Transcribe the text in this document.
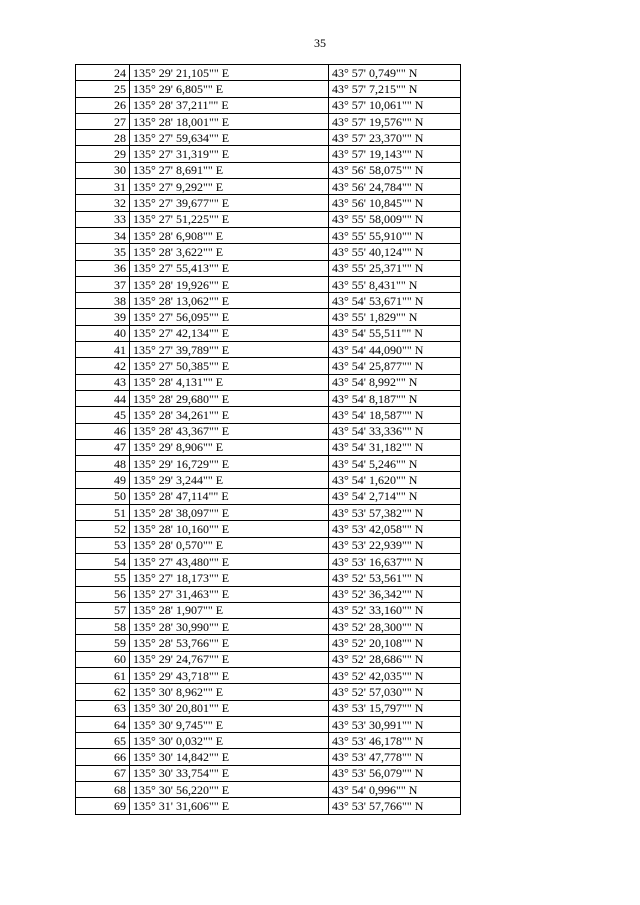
35
24	135° 29' 21,105"" E	43° 57' 0,749"" N
25	135° 29' 6,805"" E	43° 57' 7,215"" N
26	135° 28' 37,211"" E	43° 57' 10,061"" N
27	135° 28' 18,001"" E	43° 57' 19,576"" N
28	135° 27' 59,634"" E	43° 57' 23,370"" N
29	135° 27' 31,319"" E	43° 57' 19,143"" N
30	135° 27' 8,691"" E	43° 56' 58,075"" N
31	135° 27' 9,292"" E	43° 56' 24,784"" N
32	135° 27' 39,677"" E	43° 56' 10,845"" N
33	135° 27' 51,225"" E	43° 55' 58,009"" N
34	135° 28' 6,908"" E	43° 55' 55,910"" N
35	135° 28' 3,622"" E	43° 55' 40,124"" N
36	135° 27' 55,413"" E	43° 55' 25,371"" N
37	135° 28' 19,926"" E	43° 55' 8,431"" N
38	135° 28' 13,062"" E	43° 54' 53,671"" N
39	135° 27' 56,095"" E	43° 55' 1,829"" N
40	135° 27' 42,134"" E	43° 54' 55,511"" N
41	135° 27' 39,789"" E	43° 54' 44,090"" N
42	135° 27' 50,385"" E	43° 54' 25,877"" N
43	135° 28' 4,131"" E	43° 54' 8,992"" N
44	135° 28' 29,680"" E	43° 54' 8,187"" N
45	135° 28' 34,261"" E	43° 54' 18,587"" N
46	135° 28' 43,367"" E	43° 54' 33,336"" N
47	135° 29' 8,906"" E	43° 54' 31,182"" N
48	135° 29' 16,729"" E	43° 54' 5,246"" N
49	135° 29' 3,244"" E	43° 54' 1,620"" N
50	135° 28' 47,114"" E	43° 54' 2,714"" N
51	135° 28' 38,097"" E	43° 53' 57,382"" N
52	135° 28' 10,160"" E	43° 53' 42,058"" N
53	135° 28' 0,570"" E	43° 53' 22,939"" N
54	135° 27' 43,480"" E	43° 53' 16,637"" N
55	135° 27' 18,173"" E	43° 52' 53,561"" N
56	135° 27' 31,463"" E	43° 52' 36,342"" N
57	135° 28' 1,907"" E	43° 52' 33,160"" N
58	135° 28' 30,990"" E	43° 52' 28,300"" N
59	135° 28' 53,766"" E	43° 52' 20,108"" N
60	135° 29' 24,767"" E	43° 52' 28,686"" N
61	135° 29' 43,718"" E	43° 52' 42,035"" N
62	135° 30' 8,962"" E	43° 52' 57,030"" N
63	135° 30' 20,801"" E	43° 53' 15,797"" N
64	135° 30' 9,745"" E	43° 53' 30,991"" N
65	135° 30' 0,032"" E	43° 53' 46,178"" N
66	135° 30' 14,842"" E	43° 53' 47,778"" N
67	135° 30' 33,754"" E	43° 53' 56,079"" N
68	135° 30' 56,220"" E	43° 54' 0,996"" N
69	135° 31' 31,606"" E	43° 53' 57,766"" N
